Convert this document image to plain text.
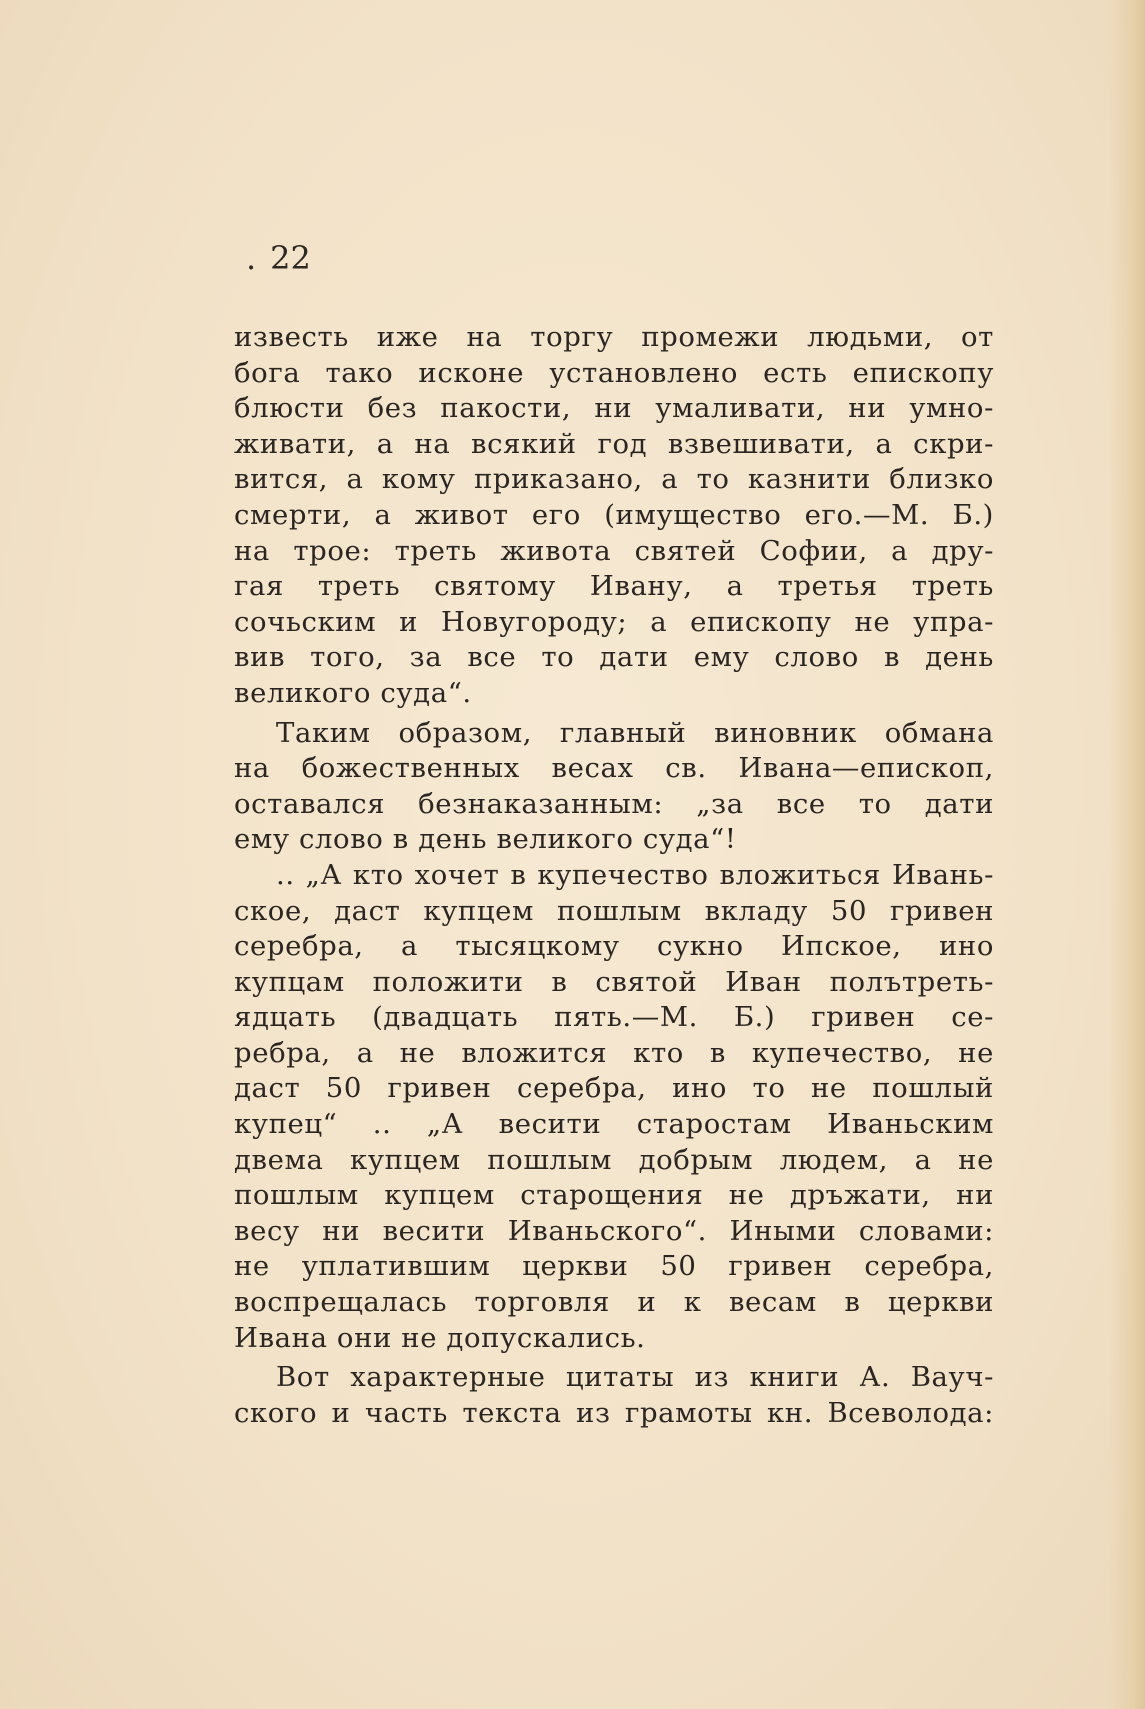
. 22
известь иже на торгу промежи людьми, от
бога тако исконе установлено есть епископу
блюсти без пакости, ни умаливати, ни умно-
живати, а на всякий год взвешивати, а скри-
вится, а кому приказано, а то казнити близко
смерти, а живот его (имущество его.—М. Б.)
на трое: треть живота святей Софии, а дру-
гая треть святому Ивану, а третья треть
сочьским и Новугороду; а епископу не упра-
вив того, за все то дати ему слово в день
великого суда“.
Таким образом, главный виновник обмана
на божественных весах св. Ивана—епископ,
оставался безнаказанным: „за все то дати
ему слово в день великого суда“!
.. „А кто хочет в купечество вложиться Ивань-
ское, даст купцем пошлым вкладу 50 гривен
серебра, а тысяцкому сукно Ипское, ино
купцам положити в святой Иван полътреть-
ядцать (двадцать пять.—М. Б.) гривен се-
ребра, а не вложится кто в купечество, не
даст 50 гривен серебра, ино то не пошлый
купец“ .. „А весити старостам Иваньским
двема купцем пошлым добрым людем, а не
пошлым купцем старощения не дръжати, ни
весу ни весити Иваньского“. Иными словами:
не уплатившим церкви 50 гривен серебра,
воспрещалась торговля и к весам в церкви
Ивана они не допускались.
Вот характерные цитаты из книги А. Вауч-
ского и часть текста из грамоты кн. Всеволода:
